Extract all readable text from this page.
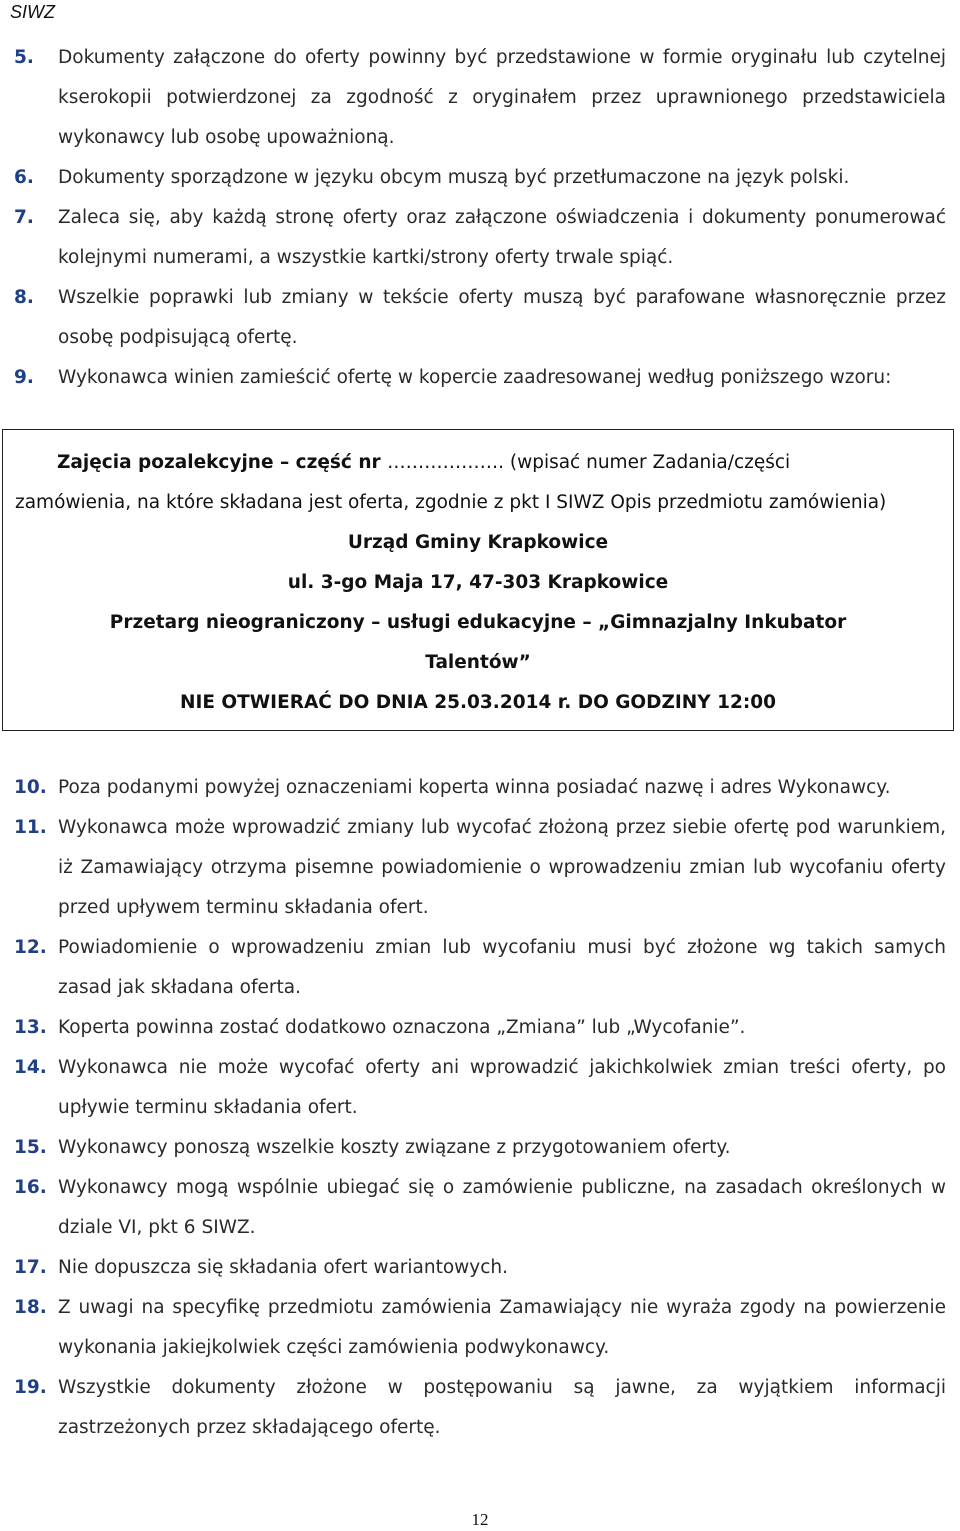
SIWZ
5.	Dokumenty załączone do oferty powinny być przedstawione w formie oryginału lub czytelnej kserokopii potwierdzonej za zgodność z oryginałem przez uprawnionego przedstawiciela wykonawcy lub osobę upoważnioną.
6.	Dokumenty sporządzone w języku obcym muszą być przetłumaczone na język polski.
7.	Zaleca się, aby każdą stronę oferty oraz załączone oświadczenia i dokumenty ponumerować kolejnymi numerami, a wszystkie kartki/strony oferty trwale spiąć.
8.	Wszelkie poprawki lub zmiany w tekście oferty muszą być parafowane własnoręcznie przez osobę podpisującą ofertę.
9.	Wykonawca winien zamieścić ofertę w kopercie zaadresowanej według poniższego wzoru:
Zajęcia pozalekcyjne – część nr ………………. (wpisać numer Zadania/części
zamówienia, na które składana jest oferta, zgodnie z pkt I SIWZ Opis przedmiotu zamówienia)
Urząd Gminy Krapkowice
ul. 3-go Maja 17, 47-303 Krapkowice
Przetarg nieograniczony – usługi edukacyjne – „Gimnazjalny Inkubator
Talentów”
NIE OTWIERAĆ DO DNIA 25.03.2014 r. DO GODZINY 12:00
10. Poza podanymi powyżej oznaczeniami koperta winna posiadać nazwę i adres Wykonawcy.
11. Wykonawca może wprowadzić zmiany lub wycofać złożoną przez siebie ofertę pod warunkiem, iż Zamawiający otrzyma pisemne powiadomienie o wprowadzeniu zmian lub wycofaniu oferty przed upływem terminu składania ofert.
12. Powiadomienie o wprowadzeniu zmian lub wycofaniu musi być złożone wg takich samych zasad jak składana oferta.
13. Koperta powinna zostać dodatkowo oznaczona „Zmiana” lub „Wycofanie”.
14. Wykonawca nie może wycofać oferty ani wprowadzić jakichkolwiek zmian treści oferty, po upływie terminu składania ofert.
15. Wykonawcy ponoszą wszelkie koszty związane z przygotowaniem oferty.
16. Wykonawcy mogą wspólnie ubiegać się o zamówienie publiczne, na zasadach określonych w dziale VI, pkt 6 SIWZ.
17. Nie dopuszcza się składania ofert wariantowych.
18. Z uwagi na specyfikę przedmiotu zamówienia Zamawiający nie wyraża zgody na powierzenie wykonania jakiejkolwiek części zamówienia podwykonawcy.
19. Wszystkie dokumenty złożone w postępowaniu są jawne, za wyjątkiem informacji zastrzeżonych przez składającego ofertę.
12
